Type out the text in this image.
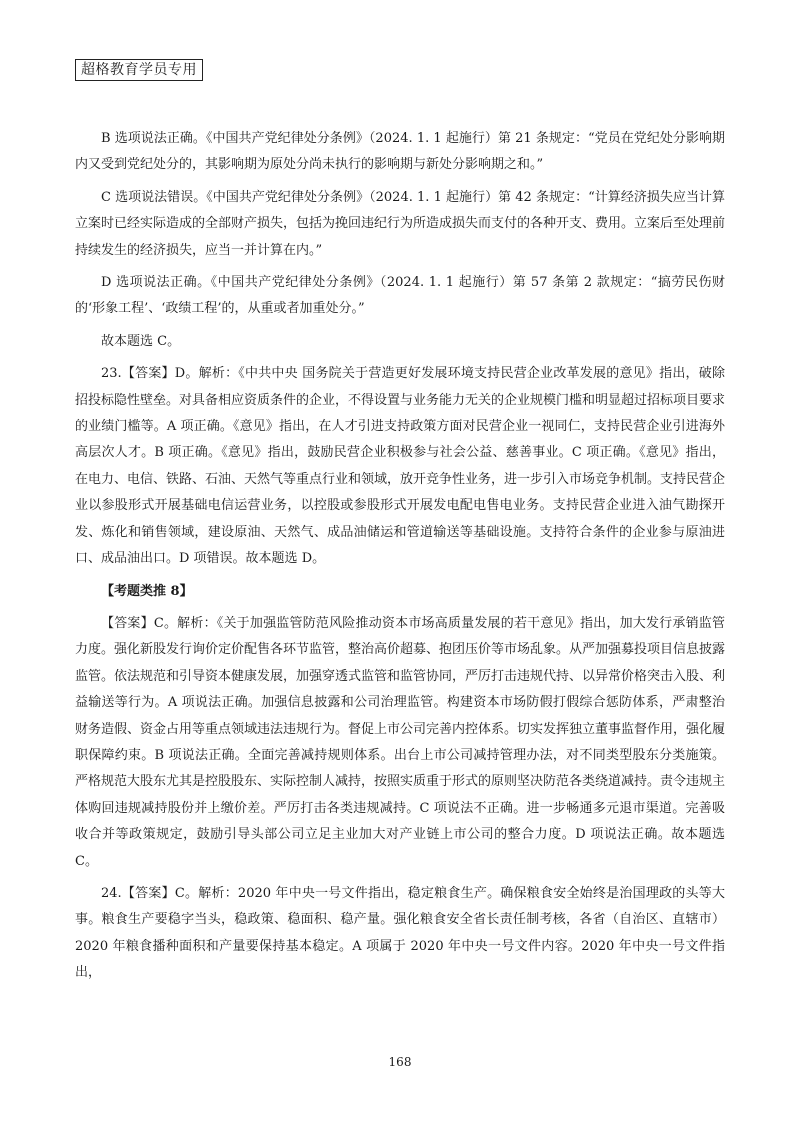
超格教育学员专用

B 选项说法正确。《中国共产党纪律处分条例》（2024. 1. 1 起施行）第 21 条规定：“党员在党纪处分影响期内又受到党纪处分的，其影响期为原处分尚未执行的影响期与新处分影响期之和。”

C 选项说法错误。《中国共产党纪律处分条例》（2024. 1. 1 起施行）第 42 条规定：“计算经济损失应当计算立案时已经实际造成的全部财产损失，包括为挽回违纪行为所造成损失而支付的各种开支、费用。立案后至处理前持续发生的经济损失，应当一并计算在内。”

D 选项说法正确。《中国共产党纪律处分条例》（2024. 1. 1 起施行）第 57 条第 2 款规定：“搞劳民伤财的‘形象工程’、‘政绩工程’的，从重或者加重处分。”

故本题选 C。

23.【答案】D。解析：《中共中央 国务院关于营造更好发展环境支持民营企业改革发展的意见》指出，破除招投标隐性壁垒。对具备相应资质条件的企业，不得设置与业务能力无关的企业规模门槛和明显超过招标项目要求的业绩门槛等。A 项正确。《意见》指出，在人才引进支持政策方面对民营企业一视同仁，支持民营企业引进海外高层次人才。B 项正确。《意见》指出，鼓励民营企业积极参与社会公益、慈善事业。C 项正确。《意见》指出，在电力、电信、铁路、石油、天然气等重点行业和领域，放开竞争性业务，进一步引入市场竞争机制。支持民营企业以参股形式开展基础电信运营业务，以控股或参股形式开展发电配电售电业务。支持民营企业进入油气勘探开发、炼化和销售领域，建设原油、天然气、成品油储运和管道输送等基础设施。支持符合条件的企业参与原油进口、成品油出口。D 项错误。故本题选 D。

【考题类推 8】

【答案】C。解析：《关于加强监管防范风险推动资本市场高质量发展的若干意见》指出，加大发行承销监管力度。强化新股发行询价定价配售各环节监管，整治高价超募、抱团压价等市场乱象。从严加强募投项目信息披露监管。依法规范和引导资本健康发展，加强穿透式监管和监管协同，严厉打击违规代持、以异常价格突击入股、利益输送等行为。A 项说法正确。加强信息披露和公司治理监管。构建资本市场防假打假综合惩防体系，严肃整治财务造假、资金占用等重点领域违法违规行为。督促上市公司完善内控体系。切实发挥独立董事监督作用，强化履职保障约束。B 项说法正确。全面完善减持规则体系。出台上市公司减持管理办法，对不同类型股东分类施策。严格规范大股东尤其是控股股东、实际控制人减持，按照实质重于形式的原则坚决防范各类绕道减持。责令违规主体购回违规减持股份并上缴价差。严厉打击各类违规减持。C 项说法不正确。进一步畅通多元退市渠道。完善吸收合并等政策规定，鼓励引导头部公司立足主业加大对产业链上市公司的整合力度。D 项说法正确。故本题选 C。

24.【答案】C。解析：2020 年中央一号文件指出，稳定粮食生产。确保粮食安全始终是治国理政的头等大事。粮食生产要稳字当头，稳政策、稳面积、稳产量。强化粮食安全省长责任制考核，各省（自治区、直辖市）2020 年粮食播种面积和产量要保持基本稳定。A 项属于 2020 年中央一号文件内容。2020 年中央一号文件指出，

168
